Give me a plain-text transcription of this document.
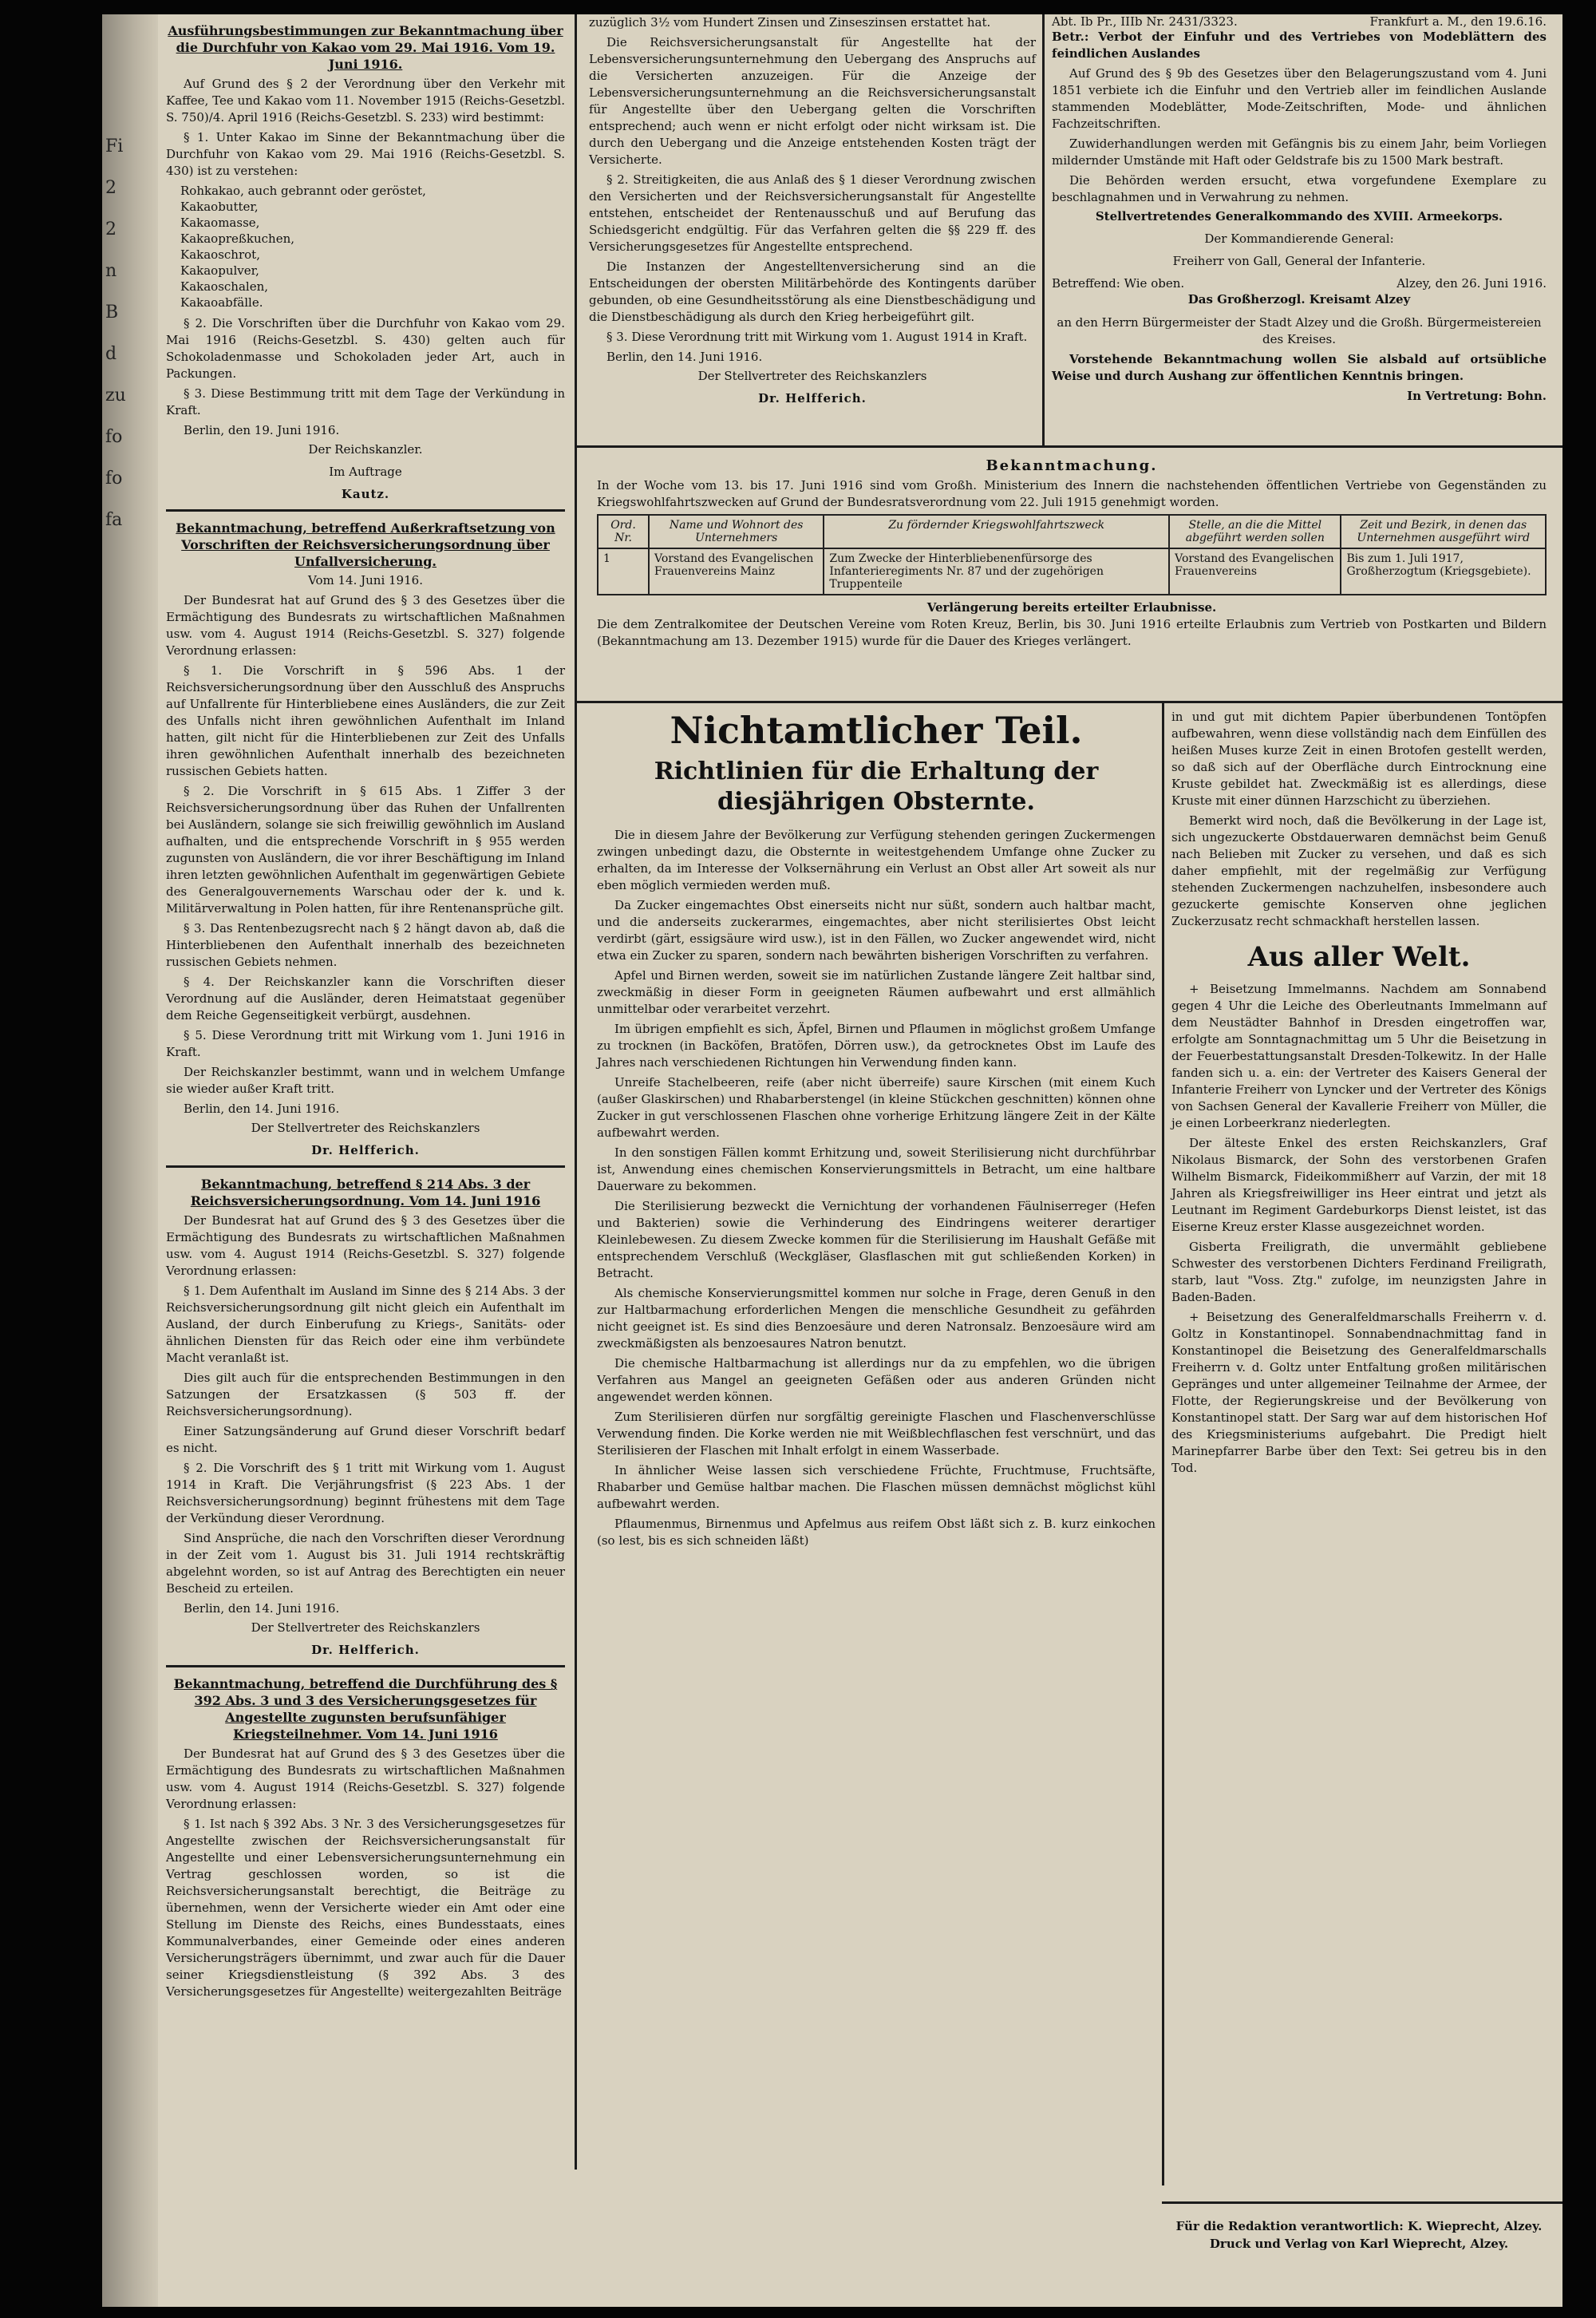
Fi
2
2
n
B
d
zu
fo
fo
fa

Ausführungsbestimmungen zur Bekanntmachung über die Durchfuhr von Kakao vom 29. Mai 1916. Vom 19. Juni 1916.

Auf Grund des § 2 der Verordnung über den Verkehr mit Kaffee, Tee und Kakao vom 11. November 1915 (Reichs-Gesetzbl. S. 750)/4. April 1916 (Reichs-Gesetzbl. S. 233) wird bestimmt:

§ 1. Unter Kakao im Sinne der Bekanntmachung über die Durchfuhr von Kakao vom 29. Mai 1916 (Reichs-Gesetzbl. S. 430) ist zu verstehen:

Rohkakao, auch gebrannt oder geröstet,
Kakaobutter,
Kakaomasse,
Kakaopreßkuchen,
Kakaoschrot,
Kakaopulver,
Kakaoschalen,
Kakaoabfälle.

§ 2. Die Vorschriften über die Durchfuhr von Kakao vom 29. Mai 1916 (Reichs-Gesetzbl. S. 430) gelten auch für Schokoladenmasse und Schokoladen jeder Art, auch in Packungen.

§ 3. Diese Bestimmung tritt mit dem Tage der Verkündung in Kraft.

Berlin, den 19. Juni 1916.

Der Reichskanzler.

Im Auftrage

Kautz.

Bekanntmachung, betreffend Außerkraftsetzung von Vorschriften der Reichsversicherungsordnung über Unfallversicherung.

Vom 14. Juni 1916.

Der Bundesrat hat auf Grund des § 3 des Gesetzes über die Ermächtigung des Bundesrats zu wirtschaftlichen Maßnahmen usw. vom 4. August 1914 (Reichs-Gesetzbl. S. 327) folgende Verordnung erlassen:

§ 1. Die Vorschrift in § 596 Abs. 1 der Reichsversicherungsordnung über den Ausschluß des Anspruchs auf Unfallrente für Hinterbliebene eines Ausländers, die zur Zeit des Unfalls nicht ihren gewöhnlichen Aufenthalt im Inland hatten, gilt nicht für die Hinterbliebenen zur Zeit des Unfalls ihren gewöhnlichen Aufenthalt innerhalb des bezeichneten russischen Gebiets hatten.

§ 2. Die Vorschrift in § 615 Abs. 1 Ziffer 3 der Reichsversicherungsordnung über das Ruhen der Unfallrenten bei Ausländern, solange sie sich freiwillig gewöhnlich im Ausland aufhalten, und die entsprechende Vorschrift in § 955 werden zugunsten von Ausländern, die vor ihrer Beschäftigung im Inland ihren letzten gewöhnlichen Aufenthalt im gegenwärtigen Gebiete des Generalgouvernements Warschau oder der k. und k. Militärverwaltung in Polen hatten, für ihre Rentenansprüche gilt.

§ 3. Das Rentenbezugsrecht nach § 2 hängt davon ab, daß die Hinterbliebenen den Aufenthalt innerhalb des bezeichneten russischen Gebiets nehmen.

§ 4. Der Reichskanzler kann die Vorschriften dieser Verordnung auf die Ausländer, deren Heimatstaat gegenüber dem Reiche Gegenseitigkeit verbürgt, ausdehnen.

§ 5. Diese Verordnung tritt mit Wirkung vom 1. Juni 1916 in Kraft.

Der Reichskanzler bestimmt, wann und in welchem Umfange sie wieder außer Kraft tritt.

Berlin, den 14. Juni 1916.

Der Stellvertreter des Reichskanzlers

Dr. Helfferich.

Bekanntmachung, betreffend § 214 Abs. 3 der Reichsversicherungsordnung. Vom 14. Juni 1916

Der Bundesrat hat auf Grund des § 3 des Gesetzes über die Ermächtigung des Bundesrats zu wirtschaftlichen Maßnahmen usw. vom 4. August 1914 (Reichs-Gesetzbl. S. 327) folgende Verordnung erlassen:

§ 1. Dem Aufenthalt im Ausland im Sinne des § 214 Abs. 3 der Reichsversicherungsordnung gilt nicht gleich ein Aufenthalt im Ausland, der durch Einberufung zu Kriegs-, Sanitäts- oder ähnlichen Diensten für das Reich oder eine ihm verbündete Macht veranlaßt ist.

Dies gilt auch für die entsprechenden Bestimmungen in den Satzungen der Ersatzkassen (§ 503 ff. der Reichsversicherungsordnung).

Einer Satzungsänderung auf Grund dieser Vorschrift bedarf es nicht.

§ 2. Die Vorschrift des § 1 tritt mit Wirkung vom 1. August 1914 in Kraft. Die Verjährungsfrist (§ 223 Abs. 1 der Reichsversicherungsordnung) beginnt frühestens mit dem Tage der Verkündung dieser Verordnung.

Sind Ansprüche, die nach den Vorschriften dieser Verordnung in der Zeit vom 1. August bis 31. Juli 1914 rechtskräftig abgelehnt worden, so ist auf Antrag des Berechtigten ein neuer Bescheid zu erteilen.

Berlin, den 14. Juni 1916.

Der Stellvertreter des Reichskanzlers

Dr. Helfferich.

Bekanntmachung, betreffend die Durchführung des § 392 Abs. 3 und 3 des Versicherungsgesetzes für Angestellte zugunsten berufsunfähiger Kriegsteilnehmer. Vom 14. Juni 1916

Der Bundesrat hat auf Grund des § 3 des Gesetzes über die Ermächtigung des Bundesrats zu wirtschaftlichen Maßnahmen usw. vom 4. August 1914 (Reichs-Gesetzbl. S. 327) folgende Verordnung erlassen:

§ 1. Ist nach § 392 Abs. 3 Nr. 3 des Versicherungsgesetzes für Angestellte zwischen der Reichsversicherungsanstalt für Angestellte und einer Lebensversicherungsunternehmung ein Vertrag geschlossen worden, so ist die Reichsversicherungsanstalt berechtigt, die Beiträge zu übernehmen, wenn der Versicherte wieder ein Amt oder eine Stellung im Dienste des Reichs, eines Bundesstaats, eines Kommunalverbandes, einer Gemeinde oder eines anderen Versicherungsträgers übernimmt, und zwar auch für die Dauer seiner Kriegsdienstleistung (§ 392 Abs. 3 des Versicherungsgesetzes für Angestellte) weitergezahlten Beiträge

zuzüglich 3½ vom Hundert Zinsen und Zinseszinsen erstattet hat.

Die Reichsversicherungsanstalt für Angestellte hat der Lebensversicherungsunternehmung den Uebergang des Anspruchs auf die Versicherten anzuzeigen. Für die Anzeige der Lebensversicherungsunternehmung an die Reichsversicherungsanstalt für Angestellte über den Uebergang gelten die Vorschriften entsprechend; auch wenn er nicht erfolgt oder nicht wirksam ist. Die durch den Uebergang und die Anzeige entstehenden Kosten trägt der Versicherte.

§ 2. Streitigkeiten, die aus Anlaß des § 1 dieser Verordnung zwischen den Versicherten und der Reichsversicherungsanstalt für Angestellte entstehen, entscheidet der Rentenausschuß und auf Berufung das Schiedsgericht endgültig. Für das Verfahren gelten die §§ 229 ff. des Versicherungsgesetzes für Angestellte entsprechend.

Die Instanzen der Angestelltenversicherung sind an die Entscheidungen der obersten Militärbehörde des Kontingents darüber gebunden, ob eine Gesundheitsstörung als eine Dienstbeschädigung und die Dienstbeschädigung als durch den Krieg herbeigeführt gilt.

§ 3. Diese Verordnung tritt mit Wirkung vom 1. August 1914 in Kraft.

Berlin, den 14. Juni 1916.

Der Stellvertreter des Reichskanzlers

Dr. Helfferich.

Abt. Ib Pr., IIIb Nr. 2431/3323.	Frankfurt a. M., den 19.6.16.

Betr.: Verbot der Einfuhr und des Vertriebes von Modeblättern des feindlichen Auslandes

Auf Grund des § 9b des Gesetzes über den Belagerungszustand vom 4. Juni 1851 verbiete ich die Einfuhr und den Vertrieb aller im feindlichen Auslande stammenden Modeblätter, Mode-Zeitschriften, Mode- und ähnlichen Fachzeitschriften.

Zuwiderhandlungen werden mit Gefängnis bis zu einem Jahr, beim Vorliegen mildernder Umstände mit Haft oder Geldstrafe bis zu 1500 Mark bestraft.

Die Behörden werden ersucht, etwa vorgefundene Exemplare zu beschlagnahmen und in Verwahrung zu nehmen.

Stellvertretendes Generalkommando des XVIII. Armeekorps.

Der Kommandierende General:

Freiherr von Gall, General der Infanterie.

Betreffend: Wie oben.	Alzey, den 26. Juni 1916.

Das Großherzogl. Kreisamt Alzey

an den Herrn Bürgermeister der Stadt Alzey und die Großh. Bürgermeistereien des Kreises.

Vorstehende Bekanntmachung wollen Sie alsbald auf ortsübliche Weise und durch Aushang zur öffentlichen Kenntnis bringen.

In Vertretung: Bohn.

Bekanntmachung.

In der Woche vom 13. bis 17. Juni 1916 sind vom Großh. Ministerium des Innern die nachstehenden öffentlichen Vertriebe von Gegenständen zu Kriegswohlfahrtszwecken auf Grund der Bundesratsverordnung vom 22. Juli 1915 genehmigt worden.

Ord. Nr.	Name und Wohnort des Unternehmers	Zu fördernder Kriegswohlfahrtszweck	Stelle, an die die Mittel abgeführt werden sollen	Zeit und Bezirk, in denen das Unternehmen ausgeführt wird
1	Vorstand des Evangelischen Frauenvereins Mainz	Zum Zwecke der Hinterbliebenenfürsorge des Infanterieregiments Nr. 87 und der zugehörigen Truppenteile	Vorstand des Evangelischen Frauenvereins	Bis zum 1. Juli 1917, Großherzogtum (Kriegsgebiete).

Verlängerung bereits erteilter Erlaubnisse.

Die dem Zentralkomitee der Deutschen Vereine vom Roten Kreuz, Berlin, bis 30. Juni 1916 erteilte Erlaubnis zum Vertrieb von Postkarten und Bildern (Bekanntmachung am 13. Dezember 1915) wurde für die Dauer des Krieges verlängert.

Nichtamtlicher Teil.

Richtlinien für die Erhaltung der diesjährigen Obsternte.

Die in diesem Jahre der Bevölkerung zur Verfügung stehenden geringen Zuckermengen zwingen unbedingt dazu, die Obsternte in weitestgehendem Umfange ohne Zucker zu erhalten, da im Interesse der Volksernährung ein Verlust an Obst aller Art soweit als nur eben möglich vermieden werden muß.

Da Zucker eingemachtes Obst einerseits nicht nur süßt, sondern auch haltbar macht, und die anderseits zuckerarmes, eingemachtes, aber nicht sterilisiertes Obst leicht verdirbt (gärt, essigsäure wird usw.), ist in den Fällen, wo Zucker angewendet wird, nicht etwa ein Zucker zu sparen, sondern nach bewährten bisherigen Vorschriften zu verfahren.

Apfel und Birnen werden, soweit sie im natürlichen Zustande längere Zeit haltbar sind, zweckmäßig in dieser Form in geeigneten Räumen aufbewahrt und erst allmählich unmittelbar oder verarbeitet verzehrt.

Im übrigen empfiehlt es sich, Äpfel, Birnen und Pflaumen in möglichst großem Umfange zu trocknen (in Backöfen, Bratöfen, Dörren usw.), da getrocknetes Obst im Laufe des Jahres nach verschiedenen Richtungen hin Verwendung finden kann.

Unreife Stachelbeeren, reife (aber nicht überreife) saure Kirschen (mit einem Kuch (außer Glaskirschen) und Rhabarberstengel (in kleine Stückchen geschnitten) können ohne Zucker in gut verschlossenen Flaschen ohne vorherige Erhitzung längere Zeit in der Kälte aufbewahrt werden.

In den sonstigen Fällen kommt Erhitzung und, soweit Sterilisierung nicht durchführbar ist, Anwendung eines chemischen Konservierungsmittels in Betracht, um eine haltbare Dauerware zu bekommen.

Die Sterilisierung bezweckt die Vernichtung der vorhandenen Fäulniserreger (Hefen und Bakterien) sowie die Verhinderung des Eindringens weiterer derartiger Kleinlebewesen. Zu diesem Zwecke kommen für die Sterilisierung im Haushalt Gefäße mit entsprechendem Verschluß (Weckgläser, Glasflaschen mit gut schließenden Korken) in Betracht.

Als chemische Konservierungsmittel kommen nur solche in Frage, deren Genuß in den zur Haltbarmachung erforderlichen Mengen die menschliche Gesundheit zu gefährden nicht geeignet ist. Es sind dies Benzoesäure und deren Natronsalz. Benzoesäure wird am zweckmäßigsten als benzoesaures Natron benutzt.

Die chemische Haltbarmachung ist allerdings nur da zu empfehlen, wo die übrigen Verfahren aus Mangel an geeigneten Gefäßen oder aus anderen Gründen nicht angewendet werden können.

Zum Sterilisieren dürfen nur sorgfältig gereinigte Flaschen und Flaschenverschlüsse Verwendung finden. Die Korke werden nie mit Weißblechflaschen fest verschnürt, und das Sterilisieren der Flaschen mit Inhalt erfolgt in einem Wasserbade.

In ähnlicher Weise lassen sich verschiedene Früchte, Fruchtmuse, Fruchtsäfte, Rhabarber und Gemüse haltbar machen. Die Flaschen müssen demnächst möglichst kühl aufbewahrt werden.

Pflaumenmus, Birnenmus und Apfelmus aus reifem Obst läßt sich z. B. kurz einkochen (so lest, bis es sich schneiden läßt)

in und gut mit dichtem Papier überbundenen Tontöpfen aufbewahren, wenn diese vollständig nach dem Einfüllen des heißen Muses kurze Zeit in einen Brotofen gestellt werden, so daß sich auf der Oberfläche durch Eintrocknung eine Kruste gebildet hat. Zweckmäßig ist es allerdings, diese Kruste mit einer dünnen Harzschicht zu überziehen.

Bemerkt wird noch, daß die Bevölkerung in der Lage ist, sich ungezuckerte Obstdauerwaren demnächst beim Genuß nach Belieben mit Zucker zu versehen, und daß es sich daher empfiehlt, mit der regelmäßig zur Verfügung stehenden Zuckermengen nachzuhelfen, insbesondere auch gezuckerte gemischte Konserven ohne jeglichen Zuckerzusatz recht schmackhaft herstellen lassen.

Aus aller Welt.

+ Beisetzung Immelmanns. Nachdem am Sonnabend gegen 4 Uhr die Leiche des Oberleutnants Immelmann auf dem Neustädter Bahnhof in Dresden eingetroffen war, erfolgte am Sonntagnachmittag um 5 Uhr die Beisetzung in der Feuerbestattungsanstalt Dresden-Tolkewitz. In der Halle fanden sich u. a. ein: der Vertreter des Kaisers General der Infanterie Freiherr von Lyncker und der Vertreter des Königs von Sachsen General der Kavallerie Freiherr von Müller, die je einen Lorbeerkranz niederlegten.

Der älteste Enkel des ersten Reichskanzlers, Graf Nikolaus Bismarck, der Sohn des verstorbenen Grafen Wilhelm Bismarck, Fideikommißherr auf Varzin, der mit 18 Jahren als Kriegsfreiwilliger ins Heer eintrat und jetzt als Leutnant im Regiment Gardeburkorps Dienst leistet, ist das Eiserne Kreuz erster Klasse ausgezeichnet worden.

Gisberta Freiligrath, die unvermählt gebliebene Schwester des verstorbenen Dichters Ferdinand Freiligrath, starb, laut "Voss. Ztg." zufolge, im neunzigsten Jahre in Baden-Baden.

+ Beisetzung des Generalfeldmarschalls Freiherrn v. d. Goltz in Konstantinopel. Sonnabendnachmittag fand in Konstantinopel die Beisetzung des Generalfeldmarschalls Freiherrn v. d. Goltz unter Entfaltung großen militärischen Gepränges und unter allgemeiner Teilnahme der Armee, der Flotte, der Regierungskreise und der Bevölkerung von Konstantinopel statt. Der Sarg war auf dem historischen Hof des Kriegsministeriums aufgebahrt. Die Predigt hielt Marinepfarrer Barbe über den Text: Sei getreu bis in den Tod.

Für die Redaktion verantwortlich: K. Wieprecht, Alzey.
Druck und Verlag von Karl Wieprecht, Alzey.
